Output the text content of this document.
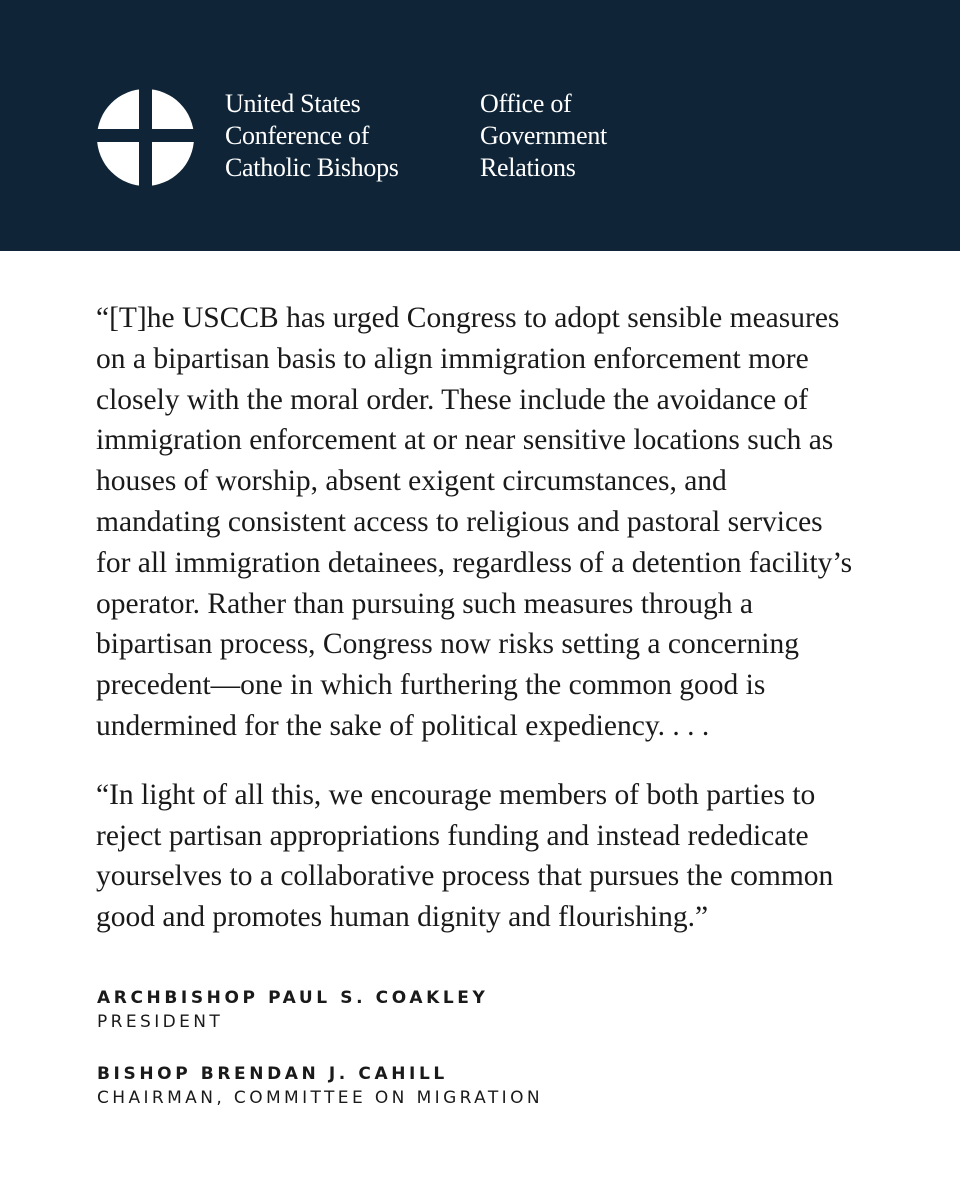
United States
Conference of
Catholic Bishops
Office of
Government
Relations

“[T]he USCCB has urged Congress to adopt sensible measures
on a bipartisan basis to align immigration enforcement more
closely with the moral order. These include the avoidance of
immigration enforcement at or near sensitive locations such as
houses of worship, absent exigent circumstances, and
mandating consistent access to religious and pastoral services
for all immigration detainees, regardless of a detention facility’s
operator. Rather than pursuing such measures through a
bipartisan process, Congress now risks setting a concerning
precedent—one in which furthering the common good is
undermined for the sake of political expediency. . . .

“In light of all this, we encourage members of both parties to
reject partisan appropriations funding and instead rededicate
yourselves to a collaborative process that pursues the common
good and promotes human dignity and flourishing.”

ARCHBISHOP PAUL S. COAKLEY
PRESIDENT
BISHOP BRENDAN J. CAHILL
CHAIRMAN, COMMITTEE ON MIGRATION
